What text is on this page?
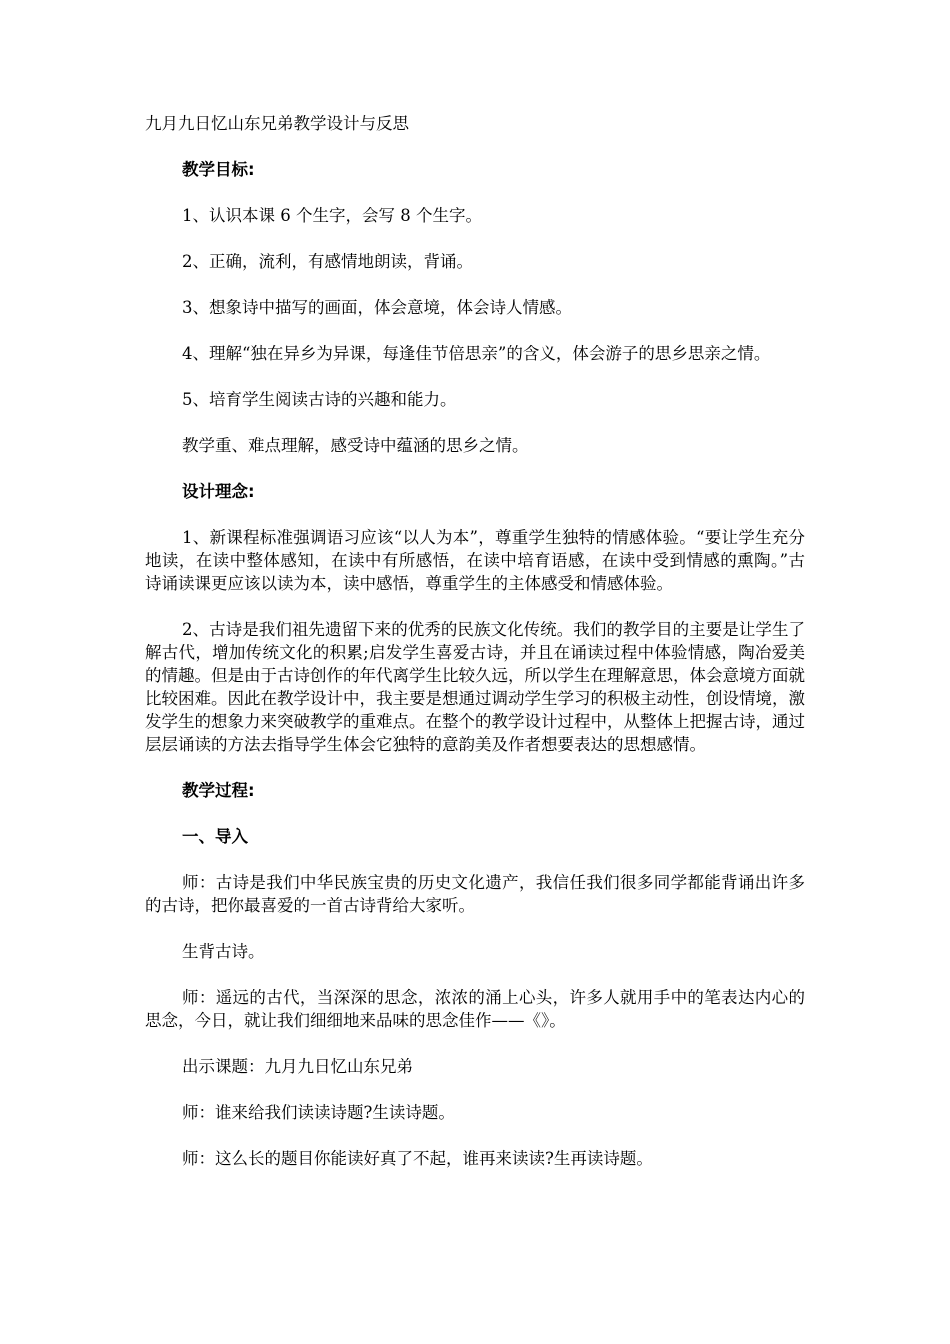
九月九日忆山东兄弟教学设计与反思

教学目标:

1、认识本课 6 个生字，会写 8 个生字。

2、正确，流利，有感情地朗读，背诵。

3、想象诗中描写的画面，体会意境，体会诗人情感。

4、理解“独在异乡为异课，每逢佳节倍思亲”的含义，体会游子的思乡思亲之情。

5、培育学生阅读古诗的兴趣和能力。

教学重、难点理解，感受诗中蕴涵的思乡之情。

设计理念:

1、新课程标准强调语习应该“以人为本”，尊重学生独特的情感体验。“要让学生充分地读，在读中整体感知，在读中有所感悟，在读中培育语感，在读中受到情感的熏陶。”古诗诵读课更应该以读为本，读中感悟，尊重学生的主体感受和情感体验。

2、古诗是我们祖先遗留下来的优秀的民族文化传统。我们的教学目的主要是让学生了解古代，增加传统文化的积累;启发学生喜爱古诗，并且在诵读过程中体验情感，陶冶爱美的情趣。但是由于古诗创作的年代离学生比较久远，所以学生在理解意思，体会意境方面就比较困难。因此在教学设计中，我主要是想通过调动学生学习的积极主动性，创设情境，激发学生的想象力来突破教学的重难点。在整个的教学设计过程中，从整体上把握古诗，通过层层诵读的方法去指导学生体会它独特的意韵美及作者想要表达的思想感情。

教学过程:

一、导入

师：古诗是我们中华民族宝贵的历史文化遗产，我信任我们很多同学都能背诵出许多的古诗，把你最喜爱的一首古诗背给大家听。

生背古诗。

师：遥远的古代，当深深的思念，浓浓的涌上心头，许多人就用手中的笔表达内心的思念，今日，就让我们细细地来品味的思念佳作——《》。

出示课题：九月九日忆山东兄弟

师：谁来给我们读读诗题?生读诗题。

师：这么长的题目你能读好真了不起，谁再来读读?生再读诗题。
